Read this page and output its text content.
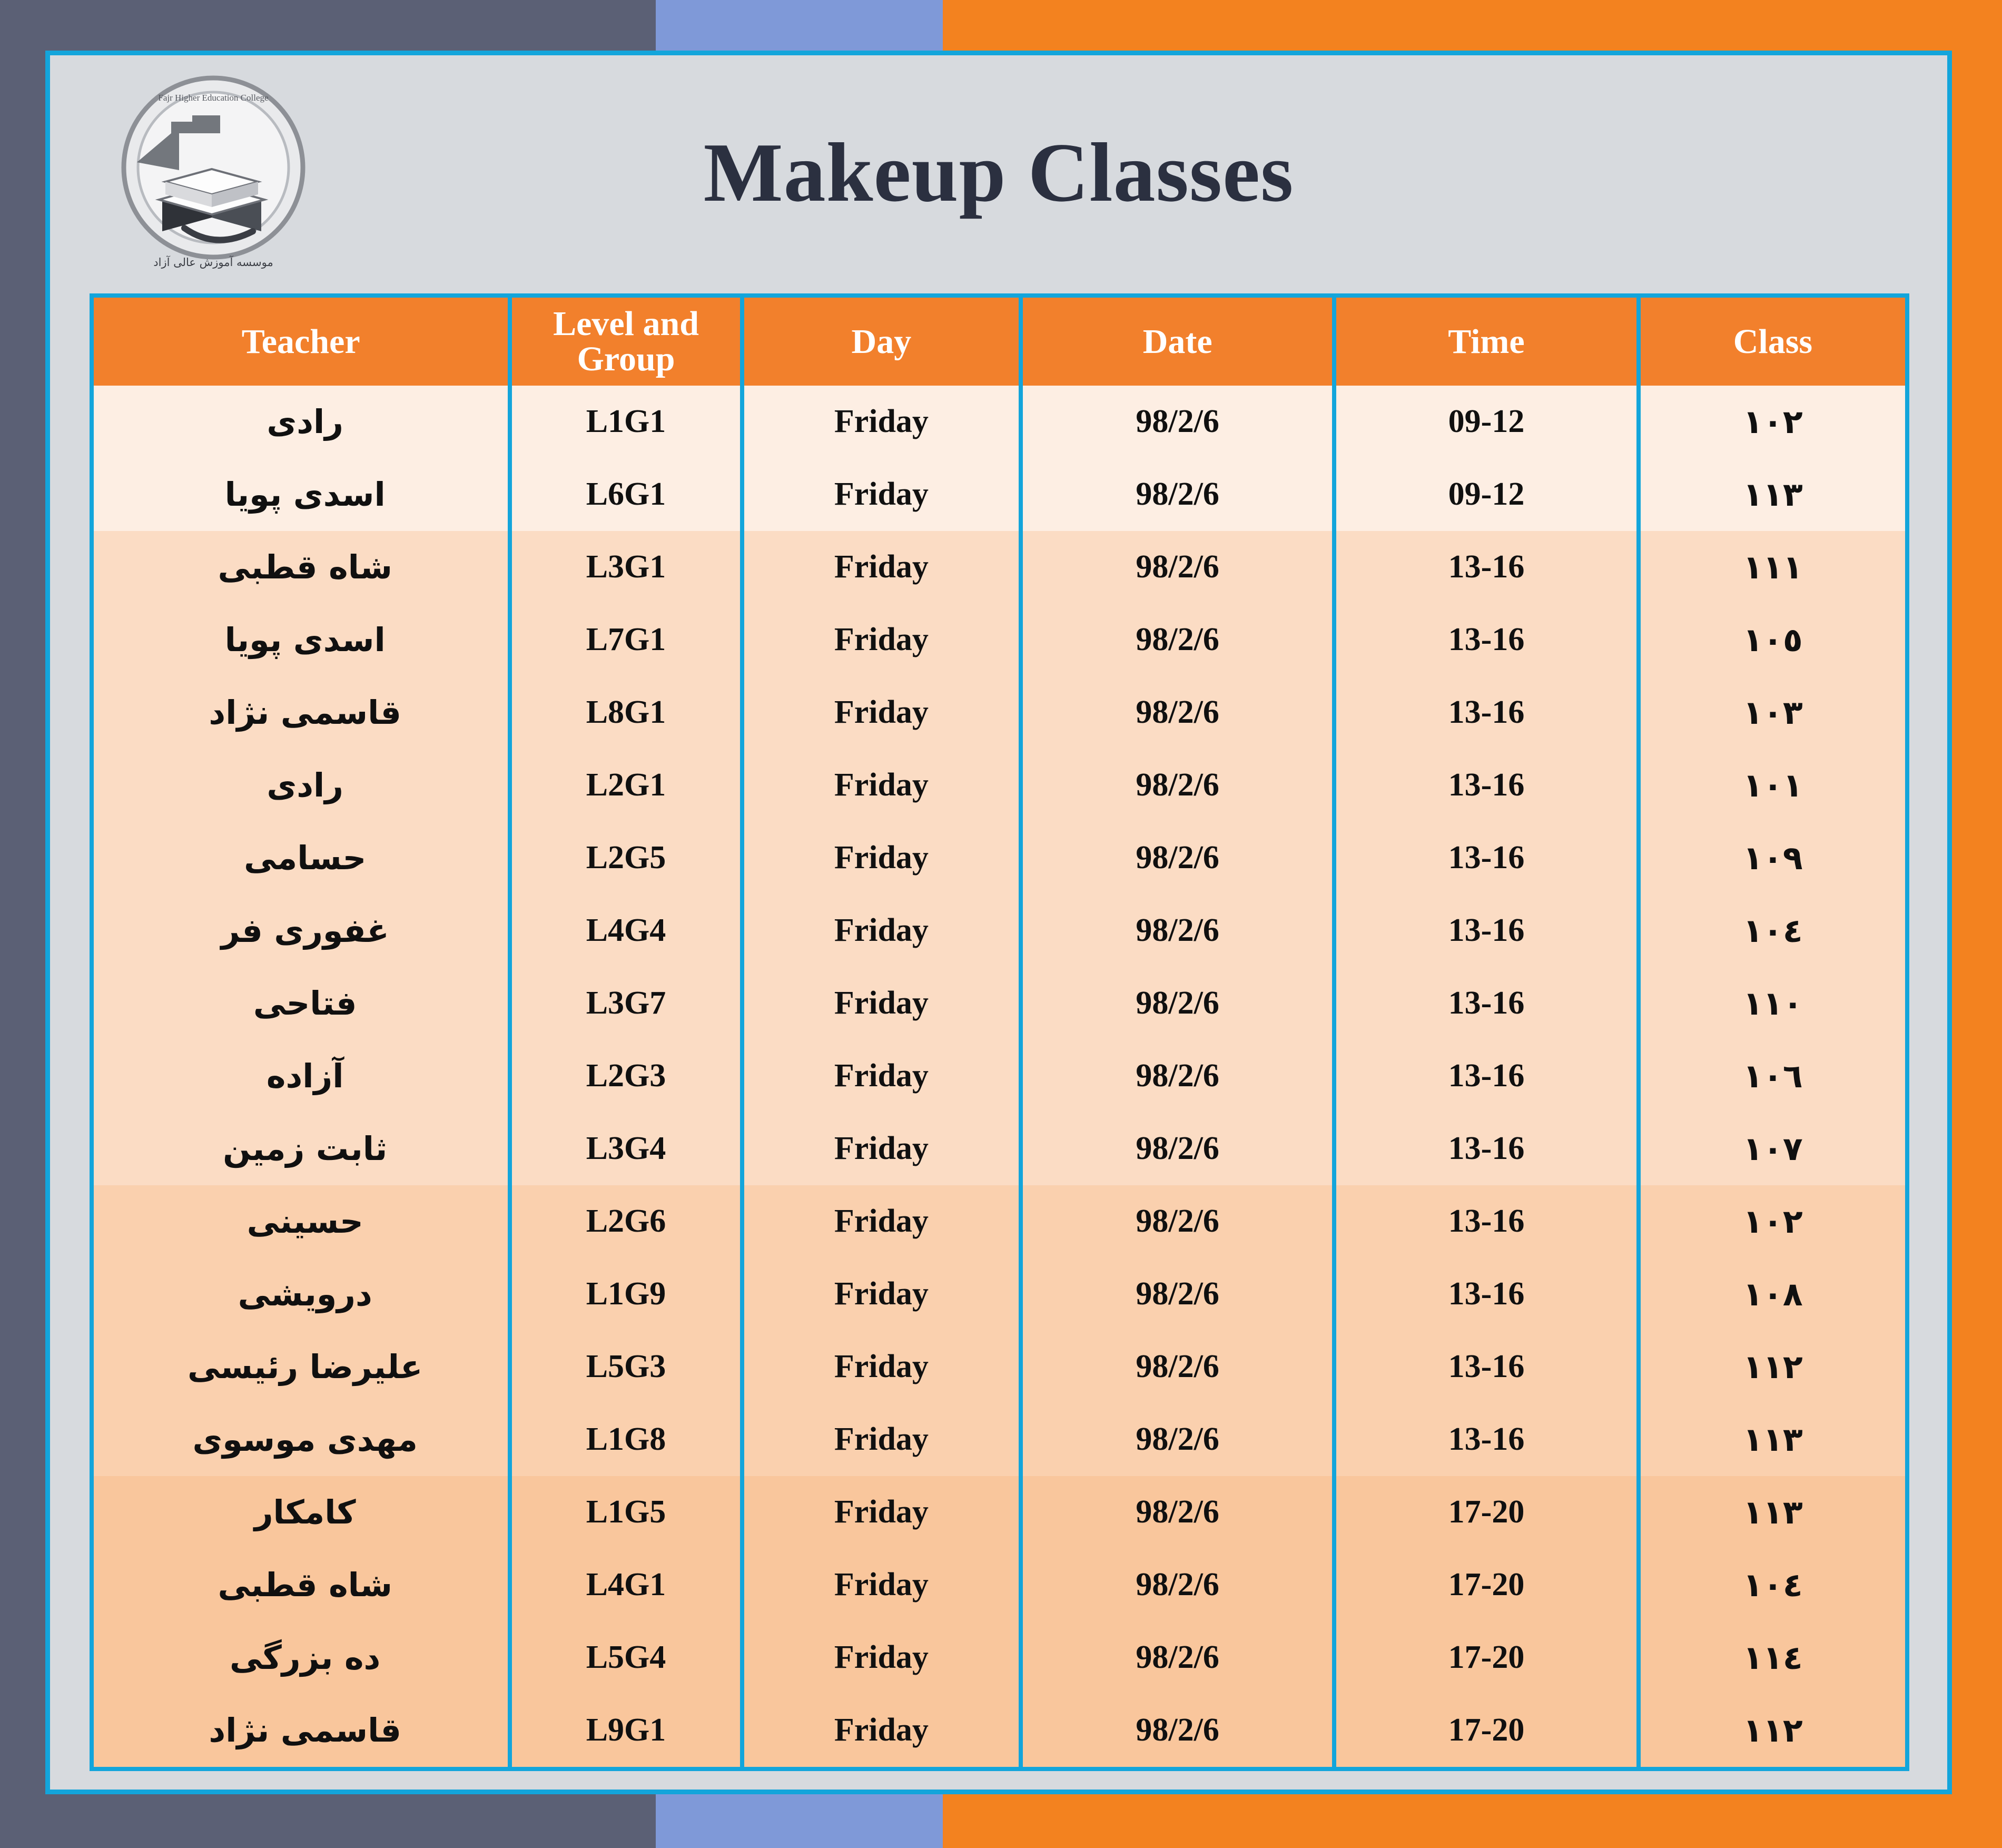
موسسه آموزش عالی آزاد
Fajr Higher Education College
Makeup Classes
Teacher	Level and Group	Day	Date	Time	Class
رادی	L1G1	Friday	98/2/6	09-12	١٠٢
اسدی پویا	L6G1	Friday	98/2/6	09-12	١١٣
شاه قطبی	L3G1	Friday	98/2/6	13-16	١١١
اسدی پویا	L7G1	Friday	98/2/6	13-16	١٠٥
قاسمی نژاد	L8G1	Friday	98/2/6	13-16	١٠٣
رادی	L2G1	Friday	98/2/6	13-16	١٠١
حسامی	L2G5	Friday	98/2/6	13-16	١٠٩
غفوری فر	L4G4	Friday	98/2/6	13-16	١٠٤
فتاحی	L3G7	Friday	98/2/6	13-16	١١٠
آزاده	L2G3	Friday	98/2/6	13-16	١٠٦
ثابت زمین	L3G4	Friday	98/2/6	13-16	١٠٧
حسینی	L2G6	Friday	98/2/6	13-16	١٠٢
درویشی	L1G9	Friday	98/2/6	13-16	١٠٨
علیرضا رئیسی	L5G3	Friday	98/2/6	13-16	١١٢
مهدی موسوی	L1G8	Friday	98/2/6	13-16	١١٣
کامکار	L1G5	Friday	98/2/6	17-20	١١٣
شاه قطبی	L4G1	Friday	98/2/6	17-20	١٠٤
ده بزرگی	L5G4	Friday	98/2/6	17-20	١١٤
قاسمی نژاد	L9G1	Friday	98/2/6	17-20	١١٢
